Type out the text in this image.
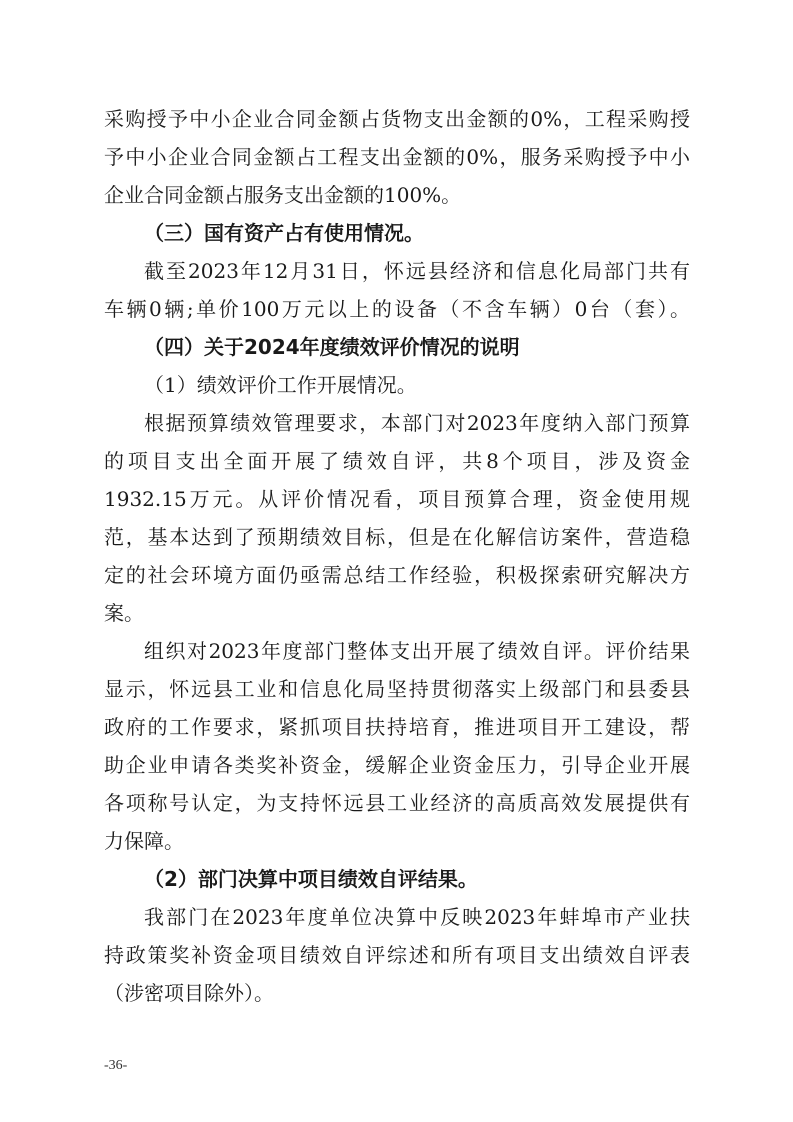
采购授予中小企业合同金额占货物支出金额的0%，工程采购授
予中小企业合同金额占工程支出金额的0%，服务采购授予中小
企业合同金额占服务支出金额的100%。
（三）国有资产占有使用情况。
截至2023年12月31日，怀远县经济和信息化局部门共有
车辆0辆;单价100万元以上的设备（不含车辆）0台（套）。
（四）关于2024年度绩效评价情况的说明
（1）绩效评价工作开展情况。
根据预算绩效管理要求，本部门对2023年度纳入部门预算
的项目支出全面开展了绩效自评，共8个项目，涉及资金
1932.15万元。从评价情况看，项目预算合理，资金使用规
范，基本达到了预期绩效目标，但是在化解信访案件，营造稳
定的社会环境方面仍亟需总结工作经验，积极探索研究解决方
案。
组织对2023年度部门整体支出开展了绩效自评。评价结果
显示，怀远县工业和信息化局坚持贯彻落实上级部门和县委县
政府的工作要求，紧抓项目扶持培育，推进项目开工建设，帮
助企业申请各类奖补资金，缓解企业资金压力，引导企业开展
各项称号认定，为支持怀远县工业经济的高质高效发展提供有
力保障。
（2）部门决算中项目绩效自评结果。
我部门在2023年度单位决算中反映2023年蚌埠市产业扶
持政策奖补资金项目绩效自评综述和所有项目支出绩效自评表
（涉密项目除外）。
-36-
